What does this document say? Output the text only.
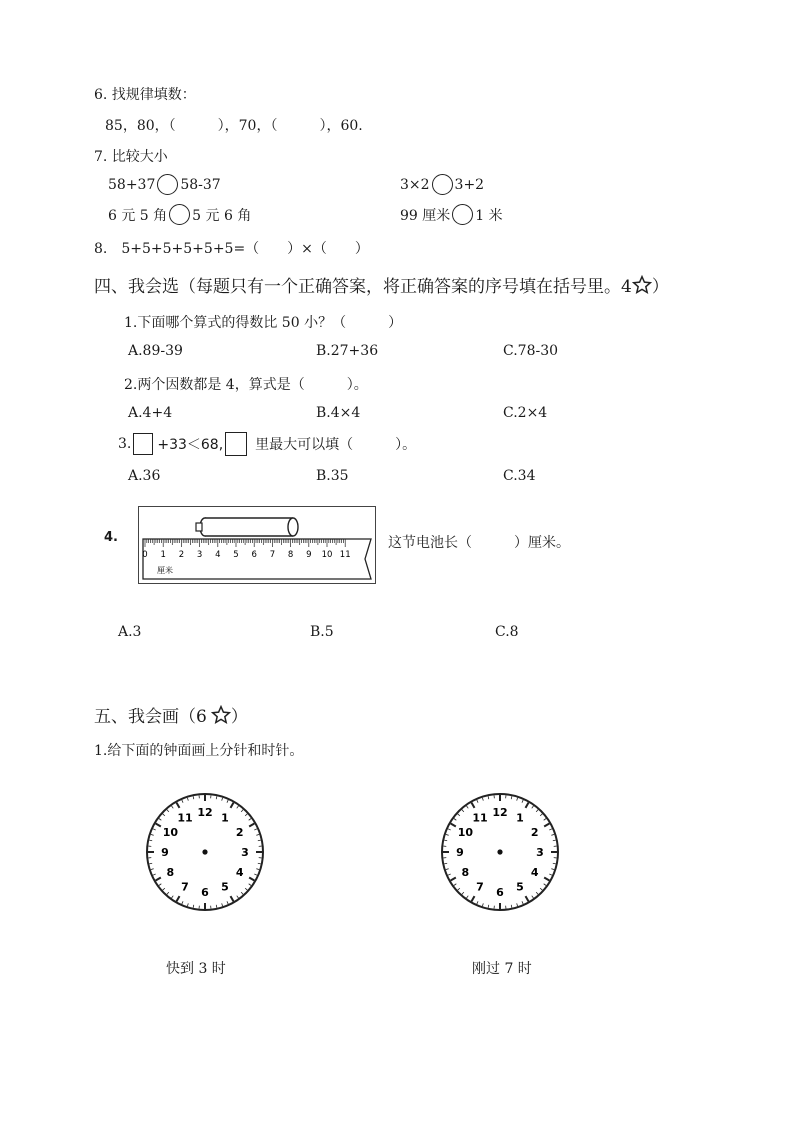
6. 找规律填数：
85，80，（　　　），70，（　　　），60.
7. 比较大小
58+37 58-37	3×2 3+2
6 元 5 角 5 元 6 角	99 厘米 1 米
8.　5+5+5+5+5+5=（　　）×（　　）
四、我会选（每题只有一个正确答案，将正确答案的序号填在括号里。4 ）
1.下面哪个算式的得数比 50 小？（　　　）
A.89-39	B.27+36	C.78-30
2.两个因数都是 4，算式是（　　　）。
A.4+4	B.4×4	C.2×4
3. +33＜68, 里最大可以填（　　　）。
A.36	B.35	C.34
4.
0 1 2 3 4 5 6 7 8 9 10 11
厘米
这节电池长（　　　）厘米。
A.3	B.5	C.8
五、我会画（6 ）
1.给下面的钟面画上分针和时针。
12 1
2
3
4
5
6
7
8
9
10
11	12 1
2
3
4
5
6
7
8
9
10
11
快到 3 时	刚过 7 时
